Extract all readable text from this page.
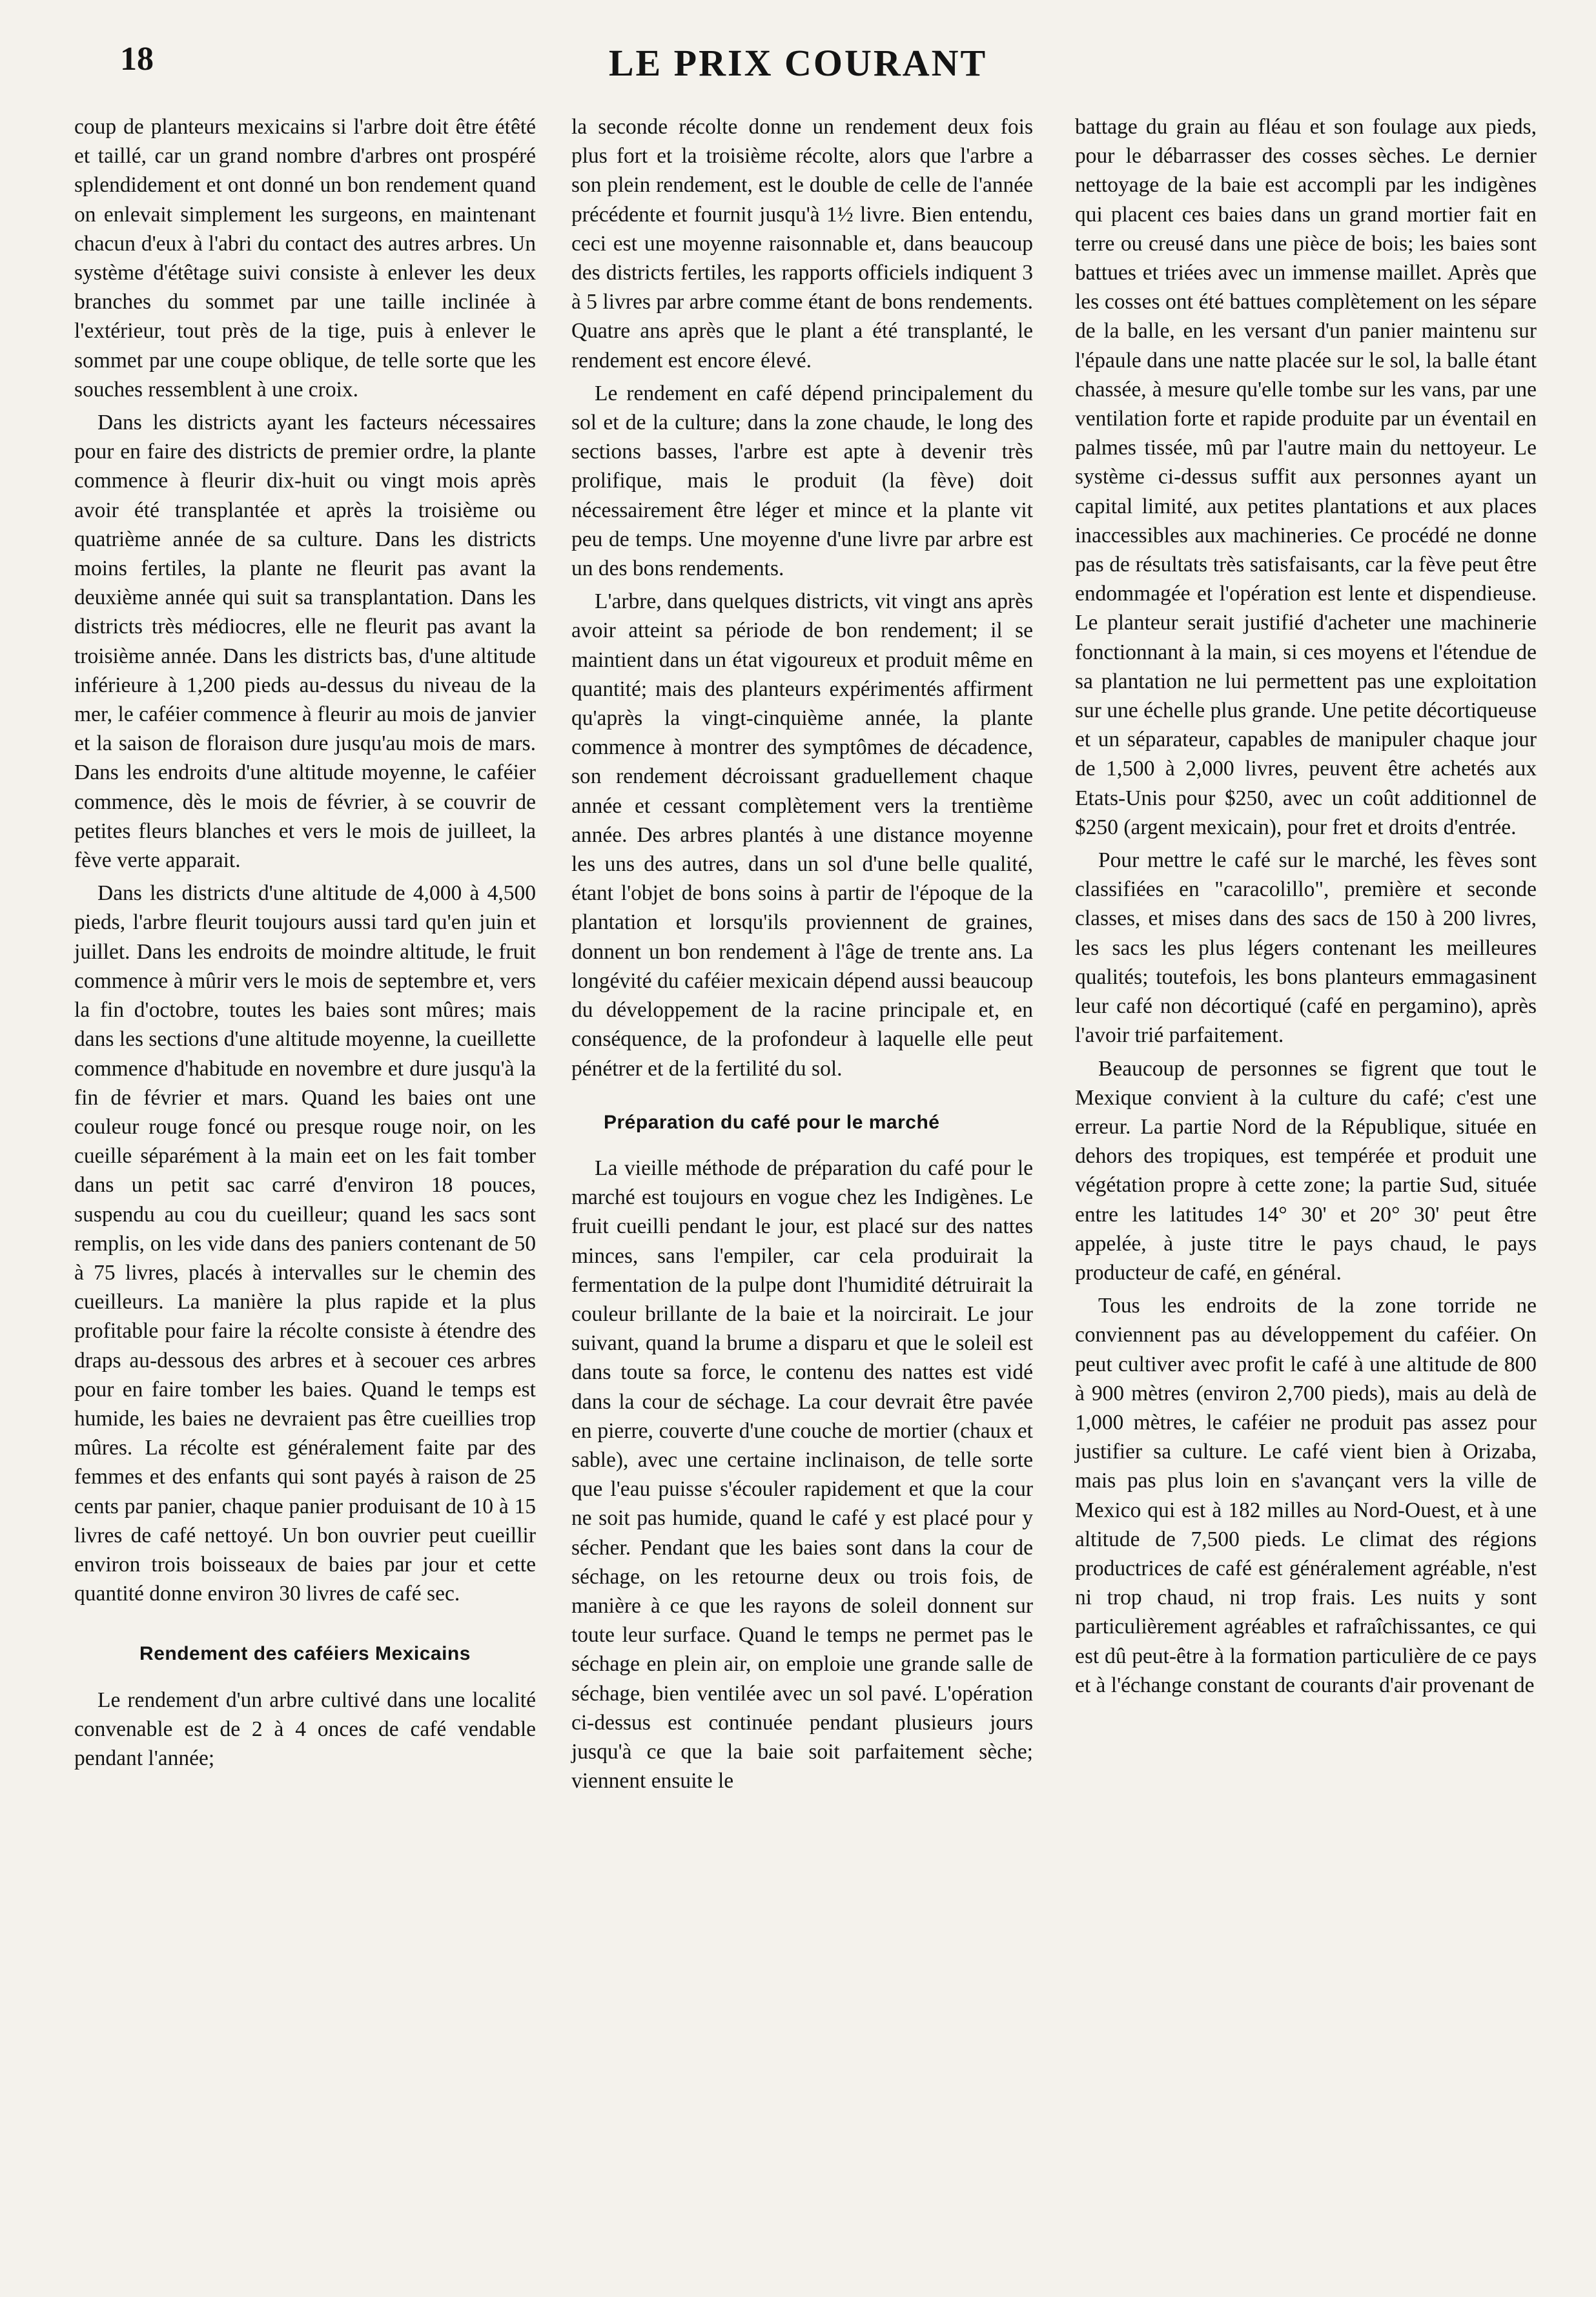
18	LE PRIX COURANT

coup de planteurs mexicains si l'arbre doit être étêté et taillé, car un grand nombre d'arbres ont prospéré splendidement et ont donné un bon rendement quand on enlevait simplement les surgeons, en maintenant chacun d'eux à l'abri du contact des autres arbres. Un système d'étêtage suivi consiste à enlever les deux branches du sommet par une taille inclinée à l'extérieur, tout près de la tige, puis à enlever le sommet par une coupe oblique, de telle sorte que les souches ressemblent à une croix.

Dans les districts ayant les facteurs nécessaires pour en faire des districts de premier ordre, la plante commence à fleurir dix-huit ou vingt mois après avoir été transplantée et après la troisième ou quatrième année de sa culture. Dans les districts moins fertiles, la plante ne fleurit pas avant la deuxième année qui suit sa transplantation. Dans les districts très médiocres, elle ne fleurit pas avant la troisième année. Dans les districts bas, d'une altitude inférieure à 1,200 pieds au-dessus du niveau de la mer, le caféier commence à fleurir au mois de janvier et la saison de floraison dure jusqu'au mois de mars. Dans les endroits d'une altitude moyenne, le caféier commence, dès le mois de février, à se couvrir de petites fleurs blanches et vers le mois de juilleet, la fève verte apparait.

Dans les districts d'une altitude de 4,000 à 4,500 pieds, l'arbre fleurit toujours aussi tard qu'en juin et juillet. Dans les endroits de moindre altitude, le fruit commence à mûrir vers le mois de septembre et, vers la fin d'octobre, toutes les baies sont mûres; mais dans les sections d'une altitude moyenne, la cueillette commence d'habitude en novembre et dure jusqu'à la fin de février et mars. Quand les baies ont une couleur rouge foncé ou presque rouge noir, on les cueille séparément à la main eet on les fait tomber dans un petit sac carré d'environ 18 pouces, suspendu au cou du cueilleur; quand les sacs sont remplis, on les vide dans des paniers contenant de 50 à 75 livres, placés à intervalles sur le chemin des cueilleurs. La manière la plus rapide et la plus profitable pour faire la récolte consiste à étendre des draps au-dessous des arbres et à secouer ces arbres pour en faire tomber les baies. Quand le temps est humide, les baies ne devraient pas être cueillies trop mûres. La récolte est généralement faite par des femmes et des enfants qui sont payés à raison de 25 cents par panier, chaque panier produisant de 10 à 15 livres de café nettoyé. Un bon ouvrier peut cueillir environ trois boisseaux de baies par jour et cette quantité donne environ 30 livres de café sec.

Rendement des caféiers Mexicains

Le rendement d'un arbre cultivé dans une localité convenable est de 2 à 4 onces de café vendable pendant l'année;

la seconde récolte donne un rendement deux fois plus fort et la troisième récolte, alors que l'arbre a son plein rendement, est le double de celle de l'année précédente et fournit jusqu'à 1½ livre. Bien entendu, ceci est une moyenne raisonnable et, dans beaucoup des districts fertiles, les rapports officiels indiquent 3 à 5 livres par arbre comme étant de bons rendements. Quatre ans après que le plant a été transplanté, le rendement est encore élevé.

Le rendement en café dépend principalement du sol et de la culture; dans la zone chaude, le long des sections basses, l'arbre est apte à devenir très prolifique, mais le produit (la fève) doit nécessairement être léger et mince et la plante vit peu de temps. Une moyenne d'une livre par arbre est un des bons rendements.

L'arbre, dans quelques districts, vit vingt ans après avoir atteint sa période de bon rendement; il se maintient dans un état vigoureux et produit même en quantité; mais des planteurs expérimentés affirment qu'après la vingt-cinquième année, la plante commence à montrer des symptômes de décadence, son rendement décroissant graduellement chaque année et cessant complètement vers la trentième année. Des arbres plantés à une distance moyenne les uns des autres, dans un sol d'une belle qualité, étant l'objet de bons soins à partir de l'époque de la plantation et lorsqu'ils proviennent de graines, donnent un bon rendement à l'âge de trente ans. La longévité du caféier mexicain dépend aussi beaucoup du développement de la racine principale et, en conséquence, de la profondeur à laquelle elle peut pénétrer et de la fertilité du sol.

Préparation du café pour le marché

La vieille méthode de préparation du café pour le marché est toujours en vogue chez les Indigènes. Le fruit cueilli pendant le jour, est placé sur des nattes minces, sans l'empiler, car cela produirait la fermentation de la pulpe dont l'humidité détruirait la couleur brillante de la baie et la noircirait. Le jour suivant, quand la brume a disparu et que le soleil est dans toute sa force, le contenu des nattes est vidé dans la cour de séchage. La cour devrait être pavée en pierre, couverte d'une couche de mortier (chaux et sable), avec une certaine inclinaison, de telle sorte que l'eau puisse s'écouler rapidement et que la cour ne soit pas humide, quand le café y est placé pour y sécher. Pendant que les baies sont dans la cour de séchage, on les retourne deux ou trois fois, de manière à ce que les rayons de soleil donnent sur toute leur surface. Quand le temps ne permet pas le séchage en plein air, on emploie une grande salle de séchage, bien ventilée avec un sol pavé. L'opération ci-dessus est continuée pendant plusieurs jours jusqu'à ce que la baie soit parfaitement sèche; viennent ensuite le

battage du grain au fléau et son foulage aux pieds, pour le débarrasser des cosses sèches. Le dernier nettoyage de la baie est accompli par les indigènes qui placent ces baies dans un grand mortier fait en terre ou creusé dans une pièce de bois; les baies sont battues et triées avec un immense maillet. Après que les cosses ont été battues complètement on les sépare de la balle, en les versant d'un panier maintenu sur l'épaule dans une natte placée sur le sol, la balle étant chassée, à mesure qu'elle tombe sur les vans, par une ventilation forte et rapide produite par un éventail en palmes tissée, mû par l'autre main du nettoyeur. Le système ci-dessus suffit aux personnes ayant un capital limité, aux petites plantations et aux places inaccessibles aux machineries. Ce procédé ne donne pas de résultats très satisfaisants, car la fève peut être endommagée et l'opération est lente et dispendieuse. Le planteur serait justifié d'acheter une machinerie fonctionnant à la main, si ces moyens et l'étendue de sa plantation ne lui permettent pas une exploitation sur une échelle plus grande. Une petite décortiqueuse et un séparateur, capables de manipuler chaque jour de 1,500 à 2,000 livres, peuvent être achetés aux Etats-Unis pour $250, avec un coût additionnel de $250 (argent mexicain), pour fret et droits d'entrée.

Pour mettre le café sur le marché, les fèves sont classifiées en "caracolillo", première et seconde classes, et mises dans des sacs de 150 à 200 livres, les sacs les plus légers contenant les meilleures qualités; toutefois, les bons planteurs emmagasinent leur café non décortiqué (café en pergamino), après l'avoir trié parfaitement.

Beaucoup de personnes se figrent que tout le Mexique convient à la culture du café; c'est une erreur. La partie Nord de la République, située en dehors des tropiques, est tempérée et produit une végétation propre à cette zone; la partie Sud, située entre les latitudes 14° 30' et 20° 30' peut être appelée, à juste titre le pays chaud, le pays producteur de café, en général.

Tous les endroits de la zone torride ne conviennent pas au développement du caféier. On peut cultiver avec profit le café à une altitude de 800 à 900 mètres (environ 2,700 pieds), mais au delà de 1,000 mètres, le caféier ne produit pas assez pour justifier sa culture. Le café vient bien à Orizaba, mais pas plus loin en s'avançant vers la ville de Mexico qui est à 182 milles au Nord-Ouest, et à une altitude de 7,500 pieds. Le climat des régions productrices de café est généralement agréable, n'est ni trop chaud, ni trop frais. Les nuits y sont particulièrement agréables et rafraîchissantes, ce qui est dû peut-être à la formation particulière de ce pays et à l'échange constant de courants d'air provenant de
